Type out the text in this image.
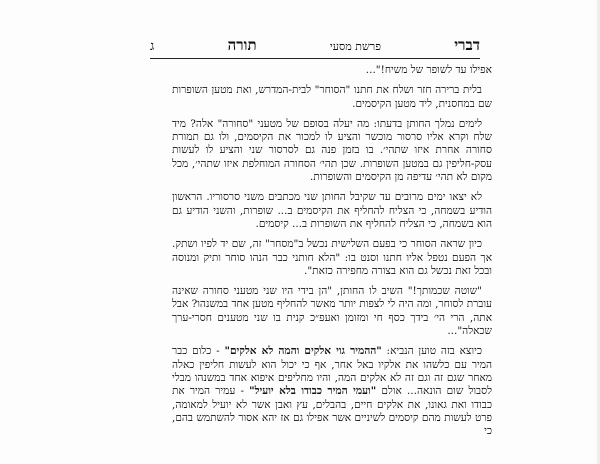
דברי
פרשת מסעי
תורה
ג

אפילו עד לשופר של משיח!"...

בלית ברירה חזר ושלח את חתנו "הסוחר" לבית-המדרש, ואת מטען השופרות שם במחסנית, ליד מטען הקיסמים.

לימים נמלך החותן בדעתו: מה יעלה בסופם של מטעני "סחורה" אלה? מיד שלח וקרא אליו סרסור מוכשר והציע לו למכור את הקיסמים, ולו גם תמורת סחורה אחרת איזו שתהי׳. בו בזמן פנה גם לסרסור שני והציע לו לעשות עסק-חליפין גם במטען השופרות. שכן תהי׳ הסחורה המוחלפת איזו שתהי׳, מכל מקום לא תהי׳ עדיפה מן הקיסמים והשופרות.

לא יצאו ימים מרובים עד שקיבל החותן שני מכתבים משני סרסוריו. הראשון הודיע בשמחה, כי הצליח להחליף את הקיסמים ב... שופרות, והשני הודיע גם הוא בשמחה, כי הצליח להחליף את השופרות ב... קיסמים.

כיון שראה הסוחר כי בפעם השלישית נכשל ב"מסחר" זה, שם יד לפיו ושתק. אך הפעם נטפל אליו חתנו וסנט בו: "הלא חותני כבר הנהו סוחר ותיק ומנוסה ובכל זאת נכשל גם הוא בצורה מחפירה כזאת".

"שוטה שכמותך!" השיב לו החותן, "הן בידי היו שני מטעני סחורה שאינה עוברת לסוחר, ומה היה לי לצפות יותר מאשר להחליף מטען אחד במשנהו? אבל אתה, הרי הי׳ בידך כסף חי ומזומן ואעפ״כ קנית בו שני מטענים חסרי-ערך שכאלה"...

כיוצא בזה טוען הנביא: "ההמיר גוי אלקים והמה לא אלקים" - כלום כבר המיר עם כלשהו את אלקיו באל אחר, אף כי יכול הוא לעשות חליפין כאלה מאחר שגם זה וגם זה לא אלקים המה, והיו מחליפים איפוא אחד במשנהו מבלי לסבול שום הונאה... אולם "ועמי המיר כבודו בלא יועיל" - עמיר המיר את כבודו ואת גאונו, את אלקים חיים, בהבלים, עץ ואבן אשר לא יועיל למאומה, פרט לעשות מהם קיסמים לשיניים אשר אפילו גם אז יהא אסור להשתמש בהם, כי
